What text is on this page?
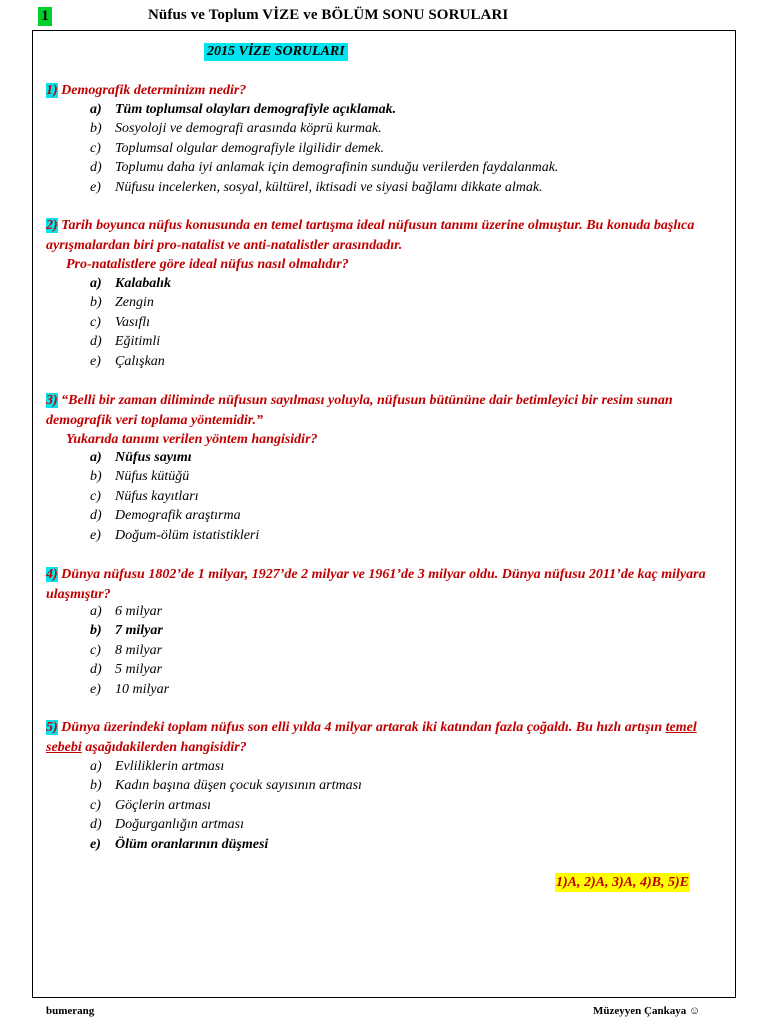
1	Nüfus ve Toplum VİZE ve BÖLÜM SONU SORULARI
2015 VİZE SORULARI
1) Demografik determinizm nedir?
a) Tüm toplumsal olayları demografiyle açıklamak.
b) Sosyoloji ve demografi arasında köprü kurmak.
c)	Toplumsal olgular demografiyle ilgilidir demek.
d) Toplumu daha iyi anlamak için demografinin sunduğu verilerden faydalanmak.
e)	Nüfusu incelerken, sosyal, kültürel, iktisadi ve siyasi bağlamı dikkate almak.
2) Tarih boyunca nüfus konusunda en temel tartışma ideal nüfusun tanımı üzerine olmuştur. Bu konuda başlıca ayrışmalardan biri pro-natalist ve anti-natalistler arasındadır.
Pro-natalistlere göre ideal nüfus nasıl olmalıdır?
a) Kalabalık
b) Zengin
c)	Vasıflı
d) Eğitimli
e)	Çalışkan
3) “Belli bir zaman diliminde nüfusun sayılması yoluyla, nüfusun bütününe dair betimleyici bir resim sunan demografik veri toplama yöntemidir.”
Yukarıda tanımı verilen yöntem hangisidir?
a) Nüfus sayımı
b) Nüfus kütüğü
c)	Nüfus kayıtları
d) Demografik araştırma
e)	Doğum-ölüm istatistikleri
4) Dünya nüfusu 1802’de 1 milyar, 1927’de 2 milyar ve 1961’de 3 milyar oldu. Dünya nüfusu 2011’de kaç milyara ulaşmıştır?
a) 6 milyar
b) 7 milyar
c)	8 milyar
d) 5 milyar
e)	10 milyar
5) Dünya üzerindeki toplam nüfus son elli yılda 4 milyar artarak iki katından fazla çoğaldı. Bu hızlı artışın temel sebebi aşağıdakilerden hangisidir?
a) Evliliklerin artması
b) Kadın başına düşen çocuk sayısının artması
c)	Göçlerin artması
d) Doğurganlığın artması
e)	Ölüm oranlarının düşmesi
1)A, 2)A, 3)A, 4)B, 5)E
bumerang	Müzeyyen Çankaya ☺
